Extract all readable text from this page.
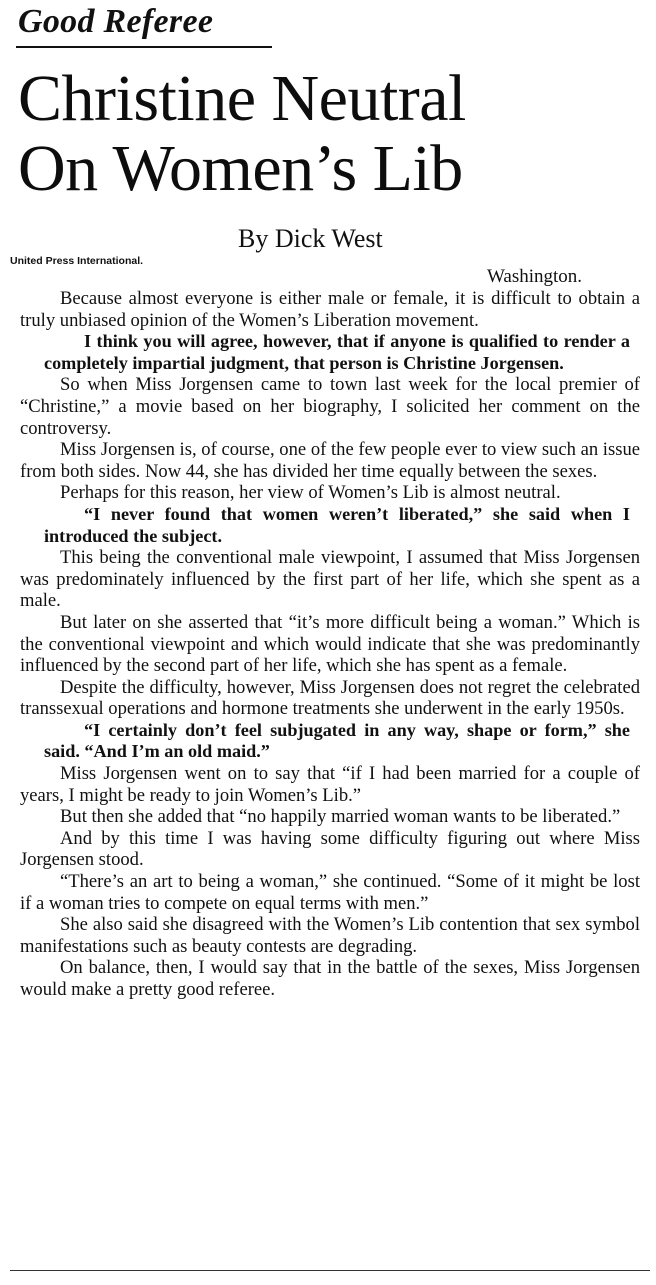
Good Referee
Christine Neutral
On Women’s Lib
By Dick West
United Press International.
Washington.

Because almost everyone is either male or female, it is difficult to obtain a truly unbiased opinion of the Women’s Liberation movement.

I think you will agree, however, that if anyone is qualified to render a completely impartial judgment, that person is Christine Jorgensen.

So when Miss Jorgensen came to town last week for the local premier of “Christine,” a movie based on her biography, I solicited her comment on the controversy.

Miss Jorgensen is, of course, one of the few people ever to view such an issue from both sides. Now 44, she has divided her time equally between the sexes.

Perhaps for this reason, her view of Women’s Lib is almost neutral.

“I never found that women weren’t liberated,” she said when I introduced the subject.

This being the conventional male viewpoint, I assumed that Miss Jorgensen was predominately influenced by the first part of her life, which she spent as a male.

But later on she asserted that “it’s more difficult being a woman.” Which is the conventional viewpoint and which would indicate that she was predominantly influenced by the second part of her life, which she has spent as a female.

Despite the difficulty, however, Miss Jorgensen does not regret the celebrated transsexual operations and hormone treatments she underwent in the early 1950s.

“I certainly don’t feel subjugated in any way, shape or form,” she said. “And I’m an old maid.”

Miss Jorgensen went on to say that “if I had been married for a couple of years, I might be ready to join Women’s Lib.”

But then she added that “no happily married woman wants to be liberated.”

And by this time I was having some difficulty figuring out where Miss Jorgensen stood.

“There’s an art to being a woman,” she continued. “Some of it might be lost if a woman tries to compete on equal terms with men.”

She also said she disagreed with the Women’s Lib contention that sex symbol manifestations such as beauty contests are degrading.

On balance, then, I would say that in the battle of the sexes, Miss Jorgensen would make a pretty good referee.
